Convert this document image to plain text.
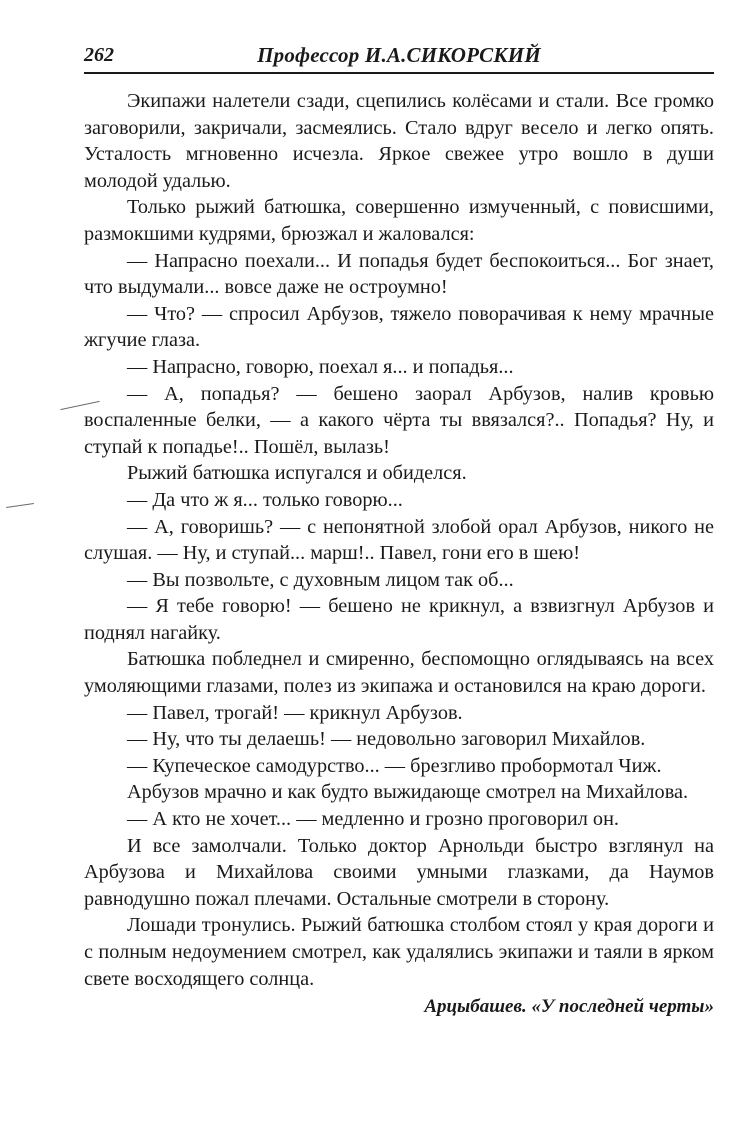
262	Профессор И.А.СИКОРСКИЙ

Экипажи налетели сзади, сцепились колёсами и стали. Все громко заговорили, закричали, засмеялись. Стало вдруг весело и легко опять. Усталость мгновенно исчезла. Яркое свежее утро вошло в души молодой удалью.

Только рыжий батюшка, совершенно измученный, с повисшими, размокшими кудрями, брюзжал и жаловался:

— Напрасно поехали... И попадья будет беспокоиться... Бог знает, что выдумали... вовсе даже не остроумно!

— Что? — спросил Арбузов, тяжело поворачивая к нему мрачные жгучие глаза.

— Напрасно, говорю, поехал я... и попадья...

— А, попадья? — бешено заорал Арбузов, налив кровью воспаленные белки, — а какого чёрта ты ввязался?.. Попадья? Ну, и ступай к попадье!.. Пошёл, вылазь!

Рыжий батюшка испугался и обиделся.

— Да что ж я... только говорю...

— А, говоришь? — с непонятной злобой орал Арбузов, никого не слушая. — Ну, и ступай... марш!.. Павел, гони его в шею!

— Вы позвольте, с духовным лицом так об...

— Я тебе говорю! — бешено не крикнул, а взвизгнул Арбузов и поднял нагайку.

Батюшка побледнел и смиренно, беспомощно оглядываясь на всех умоляющими глазами, полез из экипажа и остановился на краю дороги.

— Павел, трогай! — крикнул Арбузов.

— Ну, что ты делаешь! — недовольно заговорил Михайлов.

— Купеческое самодурство... — брезгливо пробормотал Чиж.

Арбузов мрачно и как будто выжидающе смотрел на Михайлова.

— А кто не хочет... — медленно и грозно проговорил он.

И все замолчали. Только доктор Арнольди быстро взглянул на Арбузова и Михайлова своими умными глазками, да Наумов равнодушно пожал плечами. Остальные смотрели в сторону.

Лошади тронулись. Рыжий батюшка столбом стоял у края дороги и с полным недоумением смотрел, как удалялись экипажи и таяли в ярком свете восходящего солнца.

Арцыбашев. «У последней черты»
